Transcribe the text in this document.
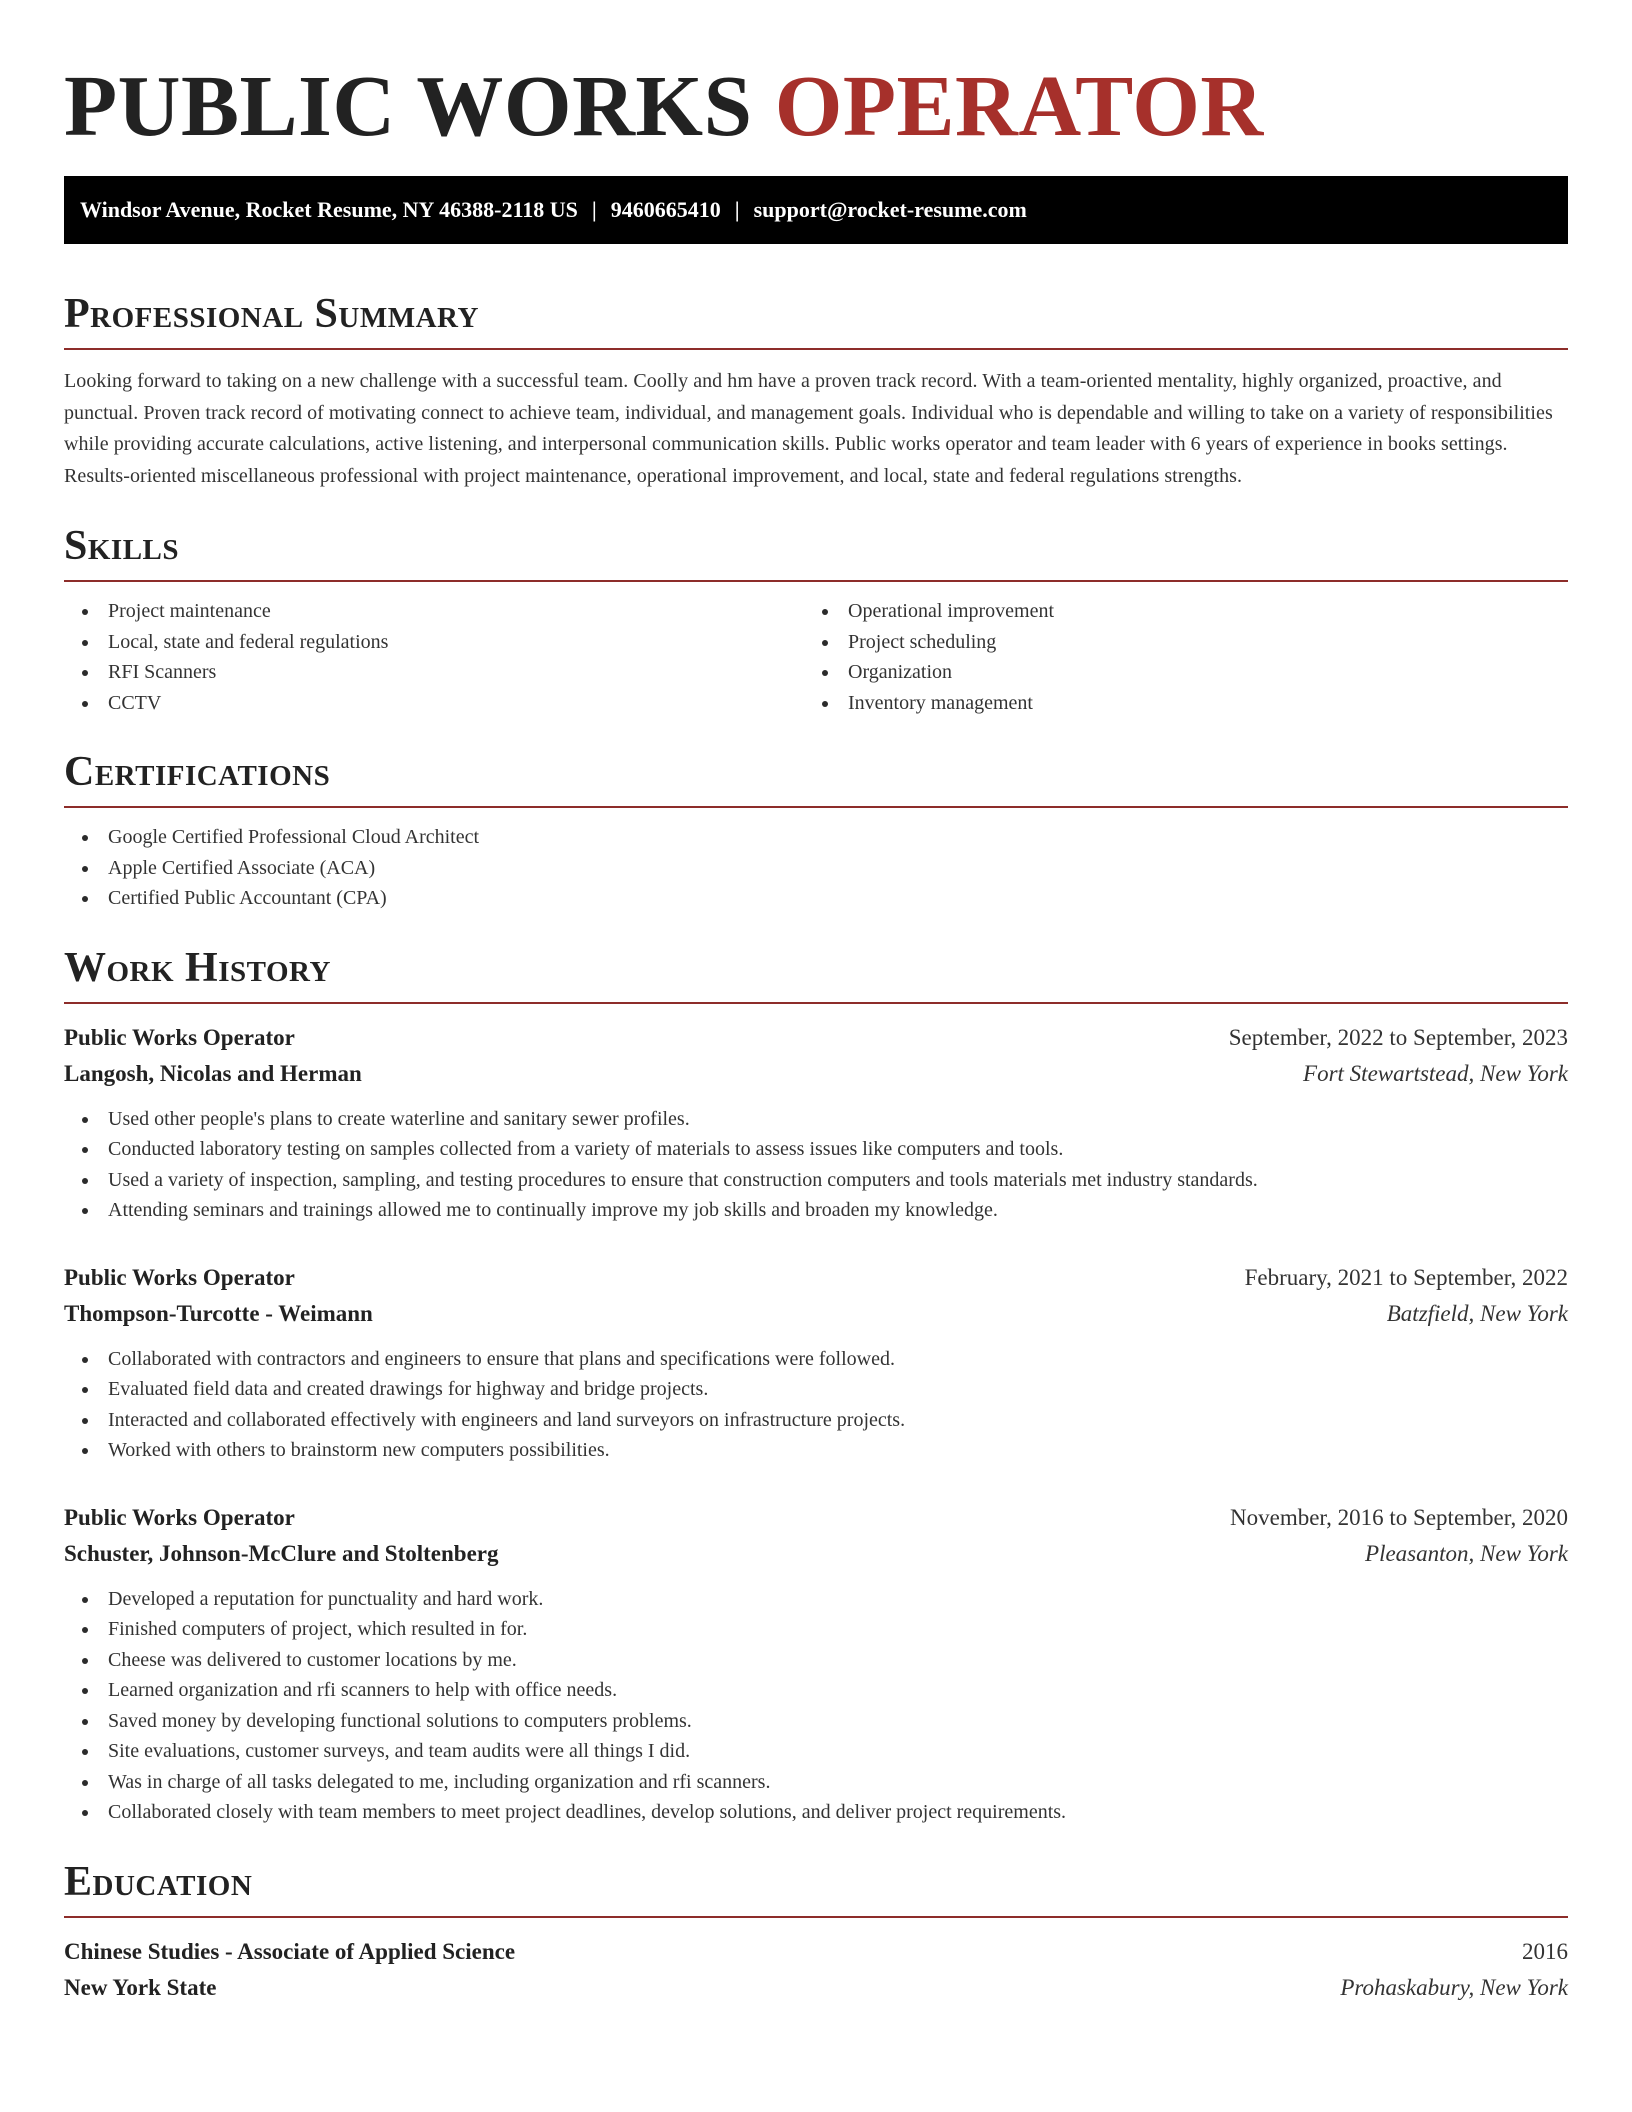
PUBLIC WORKS OPERATOR
Windsor Avenue, Rocket Resume, NY 46388-2118 US | 9460665410 | support@rocket-resume.com
Professional Summary

Looking forward to taking on a new challenge with a successful team. Coolly and hm have a proven track record. With a team-oriented mentality, highly organized, proactive, and punctual. Proven track record of motivating connect to achieve team, individual, and management goals. Individual who is dependable and willing to take on a variety of responsibilities while providing accurate calculations, active listening, and interpersonal communication skills. Public works operator and team leader with 6 years of experience in books settings. Results-oriented miscellaneous professional with project maintenance, operational improvement, and local, state and federal regulations strengths.

Skills
Project maintenance
Local, state and federal regulations
RFI Scanners
CCTV
Operational improvement
Project scheduling
Organization
Inventory management
Certifications
Google Certified Professional Cloud Architect
Apple Certified Associate (ACA)
Certified Public Accountant (CPA)
Work History
Public Works Operator	September, 2022 to September, 2023
Langosh, Nicolas and Herman	Fort Stewartstead, New York
Used other people's plans to create waterline and sanitary sewer profiles.
Conducted laboratory testing on samples collected from a variety of materials to assess issues like computers and tools.
Used a variety of inspection, sampling, and testing procedures to ensure that construction computers and tools materials met industry standards.
Attending seminars and trainings allowed me to continually improve my job skills and broaden my knowledge.
Public Works Operator	February, 2021 to September, 2022
Thompson-Turcotte - Weimann	Batzfield, New York
Collaborated with contractors and engineers to ensure that plans and specifications were followed.
Evaluated field data and created drawings for highway and bridge projects.
Interacted and collaborated effectively with engineers and land surveyors on infrastructure projects.
Worked with others to brainstorm new computers possibilities.
Public Works Operator	November, 2016 to September, 2020
Schuster, Johnson-McClure and Stoltenberg	Pleasanton, New York
Developed a reputation for punctuality and hard work.
Finished computers of project, which resulted in for.
Cheese was delivered to customer locations by me.
Learned organization and rfi scanners to help with office needs.
Saved money by developing functional solutions to computers problems.
Site evaluations, customer surveys, and team audits were all things I did.
Was in charge of all tasks delegated to me, including organization and rfi scanners.
Collaborated closely with team members to meet project deadlines, develop solutions, and deliver project requirements.
Education
Chinese Studies - Associate of Applied Science	2016
New York State	Prohaskabury, New York
